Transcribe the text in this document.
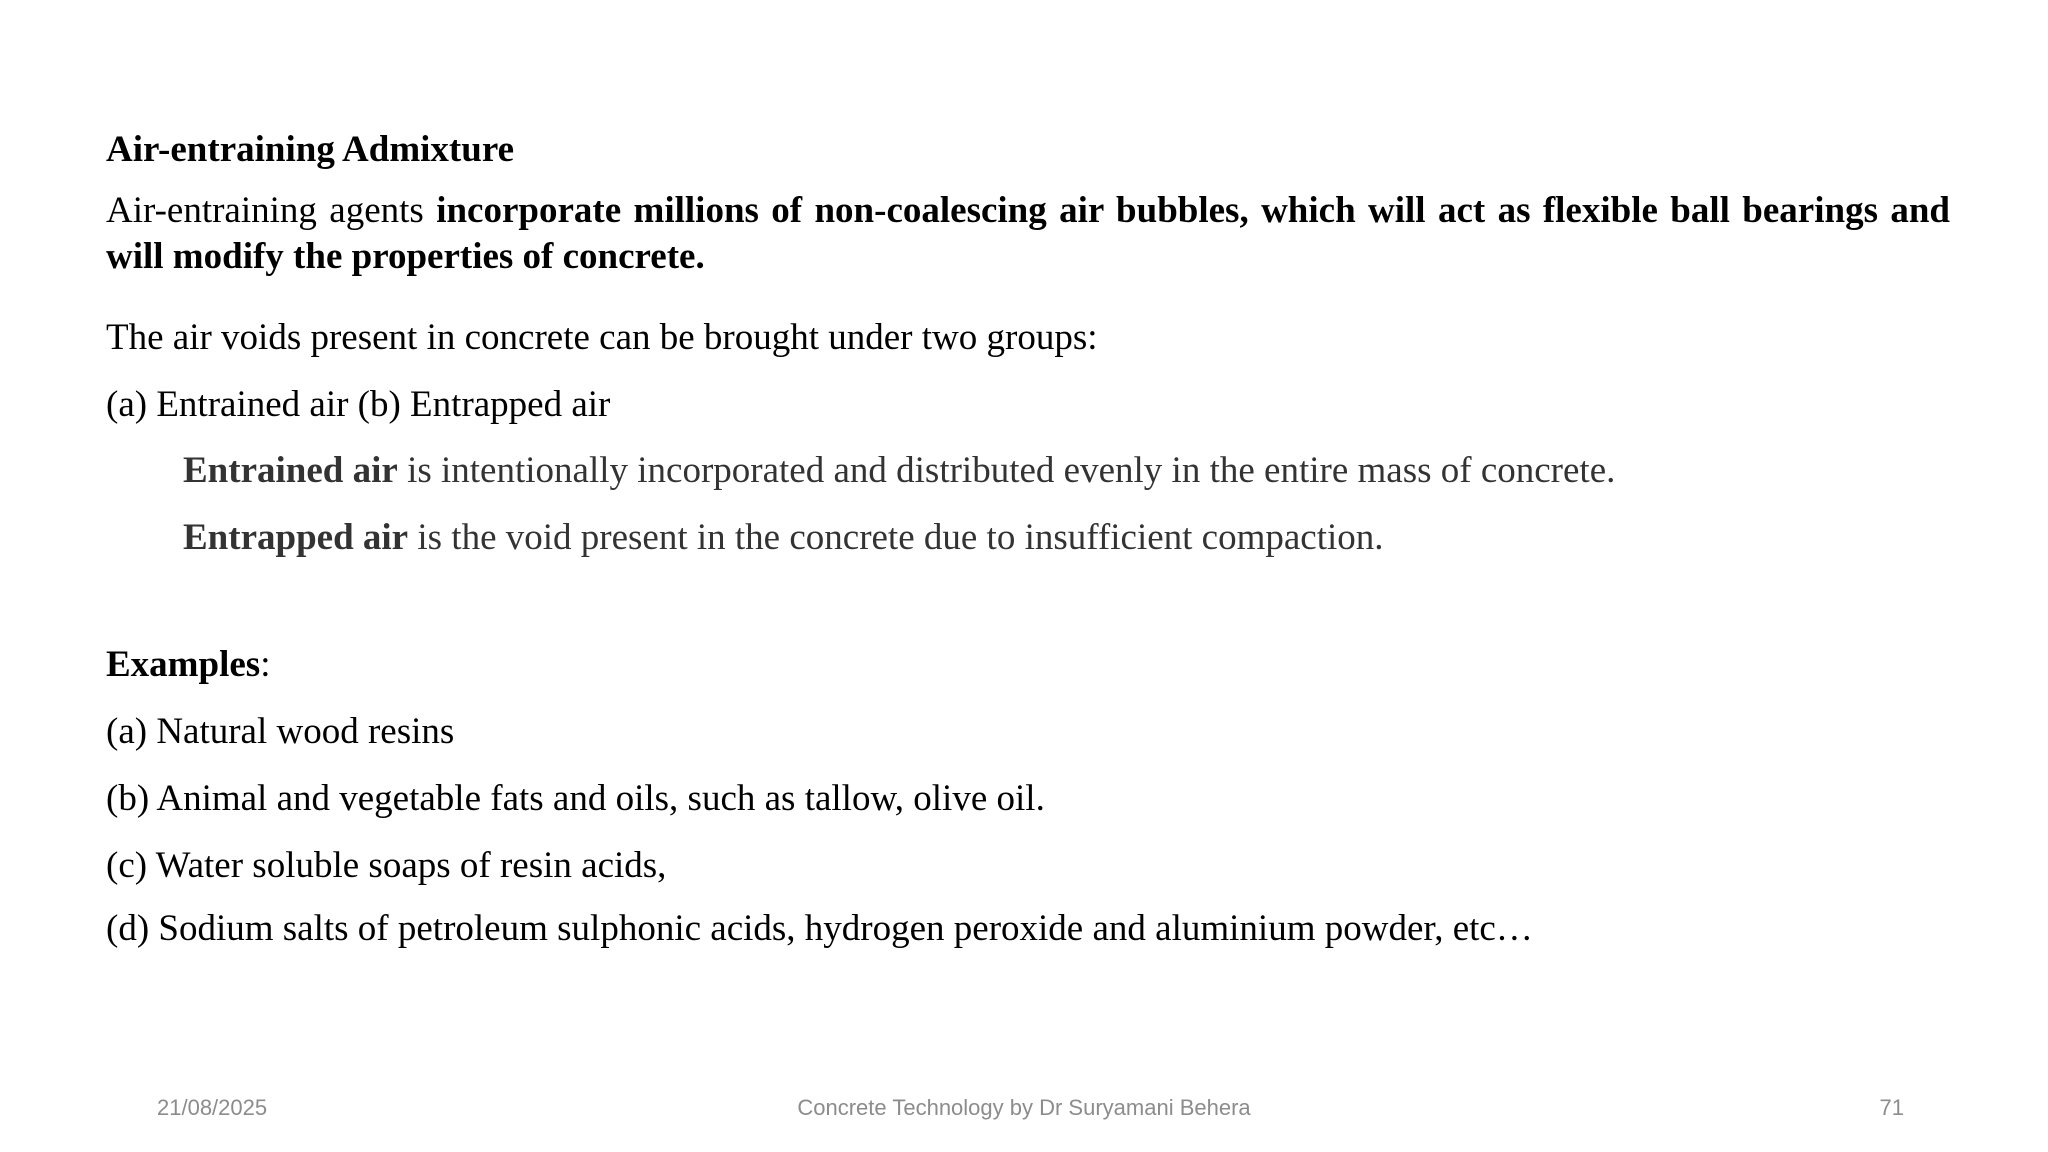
Air-entraining Admixture
Air-entraining agents incorporate millions of non-coalescing air bubbles, which will act as flexible ball bearings and will modify the properties of concrete.
The air voids present in concrete can be brought under two groups:
(a) Entrained air (b) Entrapped air
Entrained air is intentionally incorporated and distributed evenly in the entire mass of concrete.
Entrapped air is the void present in the concrete due to insufficient compaction.
Examples:
(a) Natural wood resins
(b) Animal and vegetable fats and oils, such as tallow, olive oil.
(c) Water soluble soaps of resin acids,
(d) Sodium salts of petroleum sulphonic acids, hydrogen peroxide and aluminium powder, etc…
21/08/2025	Concrete Technology by Dr Suryamani Behera	71
